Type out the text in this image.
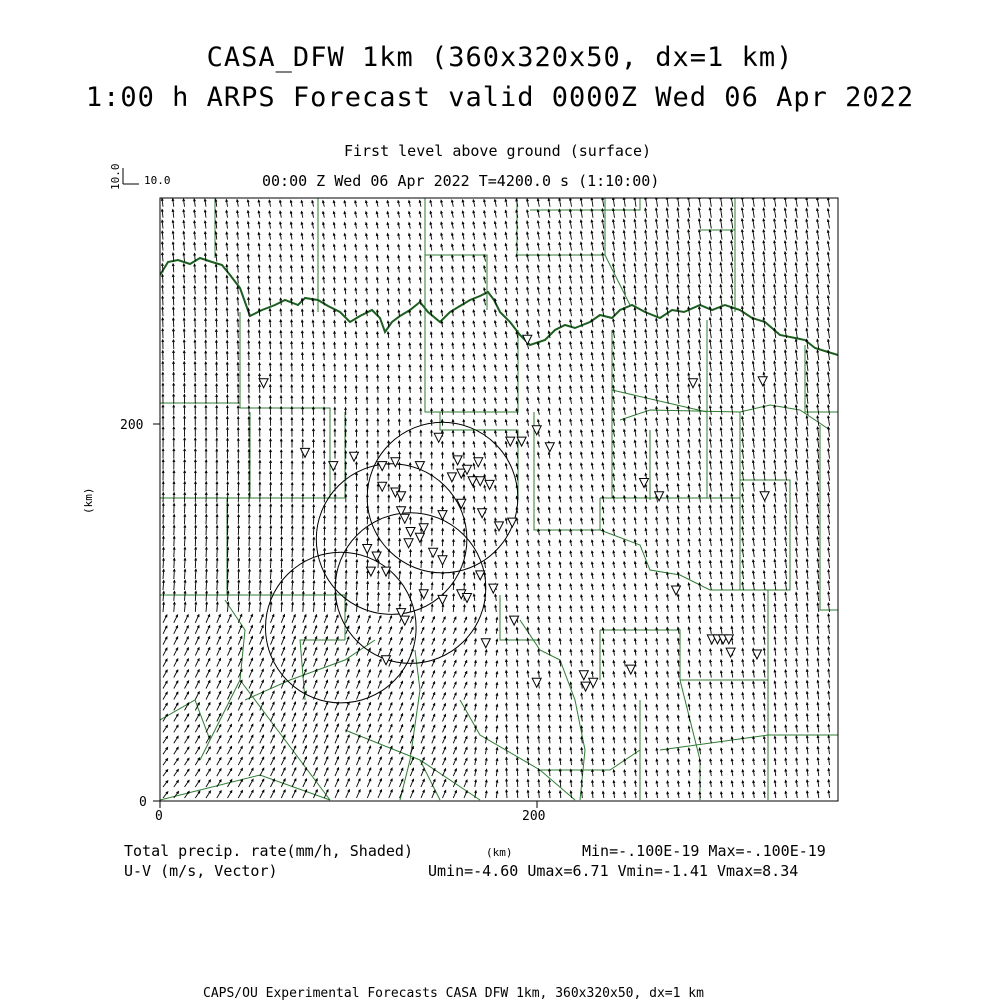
CASA_DFW 1km (360x320x50, dx=1 km)
1:00 h ARPS Forecast valid 0000Z Wed 06 Apr 2022
First level above ground (surface)
00:00 Z Wed 06 Apr 2022 T=4200.0 s (1:10:00)
10.0 10.0
0	200
0
200
(km)
(km)
Total precip. rate(mm/h, Shaded)	Min=-.100E-19 Max=-.100E-19
U-V (m/s, Vector)	Umin=-4.60 Umax=6.71 Vmin=-1.41 Vmax=8.34
CAPS/OU Experimental Forecasts CASA DFW 1km, 360x320x50, dx=1 km
